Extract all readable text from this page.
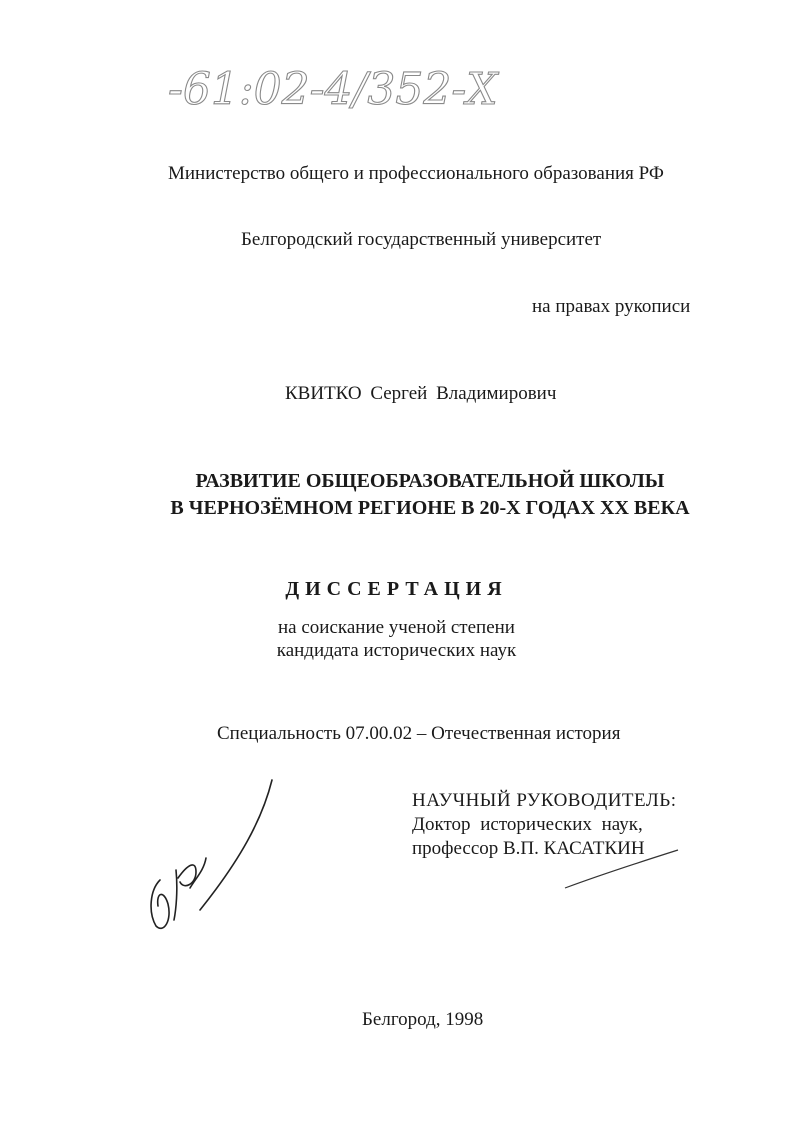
-61:02-4/352-Х

Министерство общего и профессионального образования РФ

Белгородский государственный университет

на правах рукописи

КВИТКО Сергей Владимирович

РАЗВИТИЕ ОБЩЕОБРАЗОВАТЕЛЬНОЙ ШКОЛЫ
В ЧЕРНОЗЁМНОМ РЕГИОНЕ В 20-Х ГОДАХ ХХ ВЕКА

ДИССЕРТАЦИЯ

на соискание ученой степени
кандидата исторических наук

Специальность 07.00.02 – Отечественная история

НАУЧНЫЙ РУКОВОДИТЕЛЬ:
Доктор исторических наук,
профессор В.П. КАСАТКИН

Белгород, 1998
